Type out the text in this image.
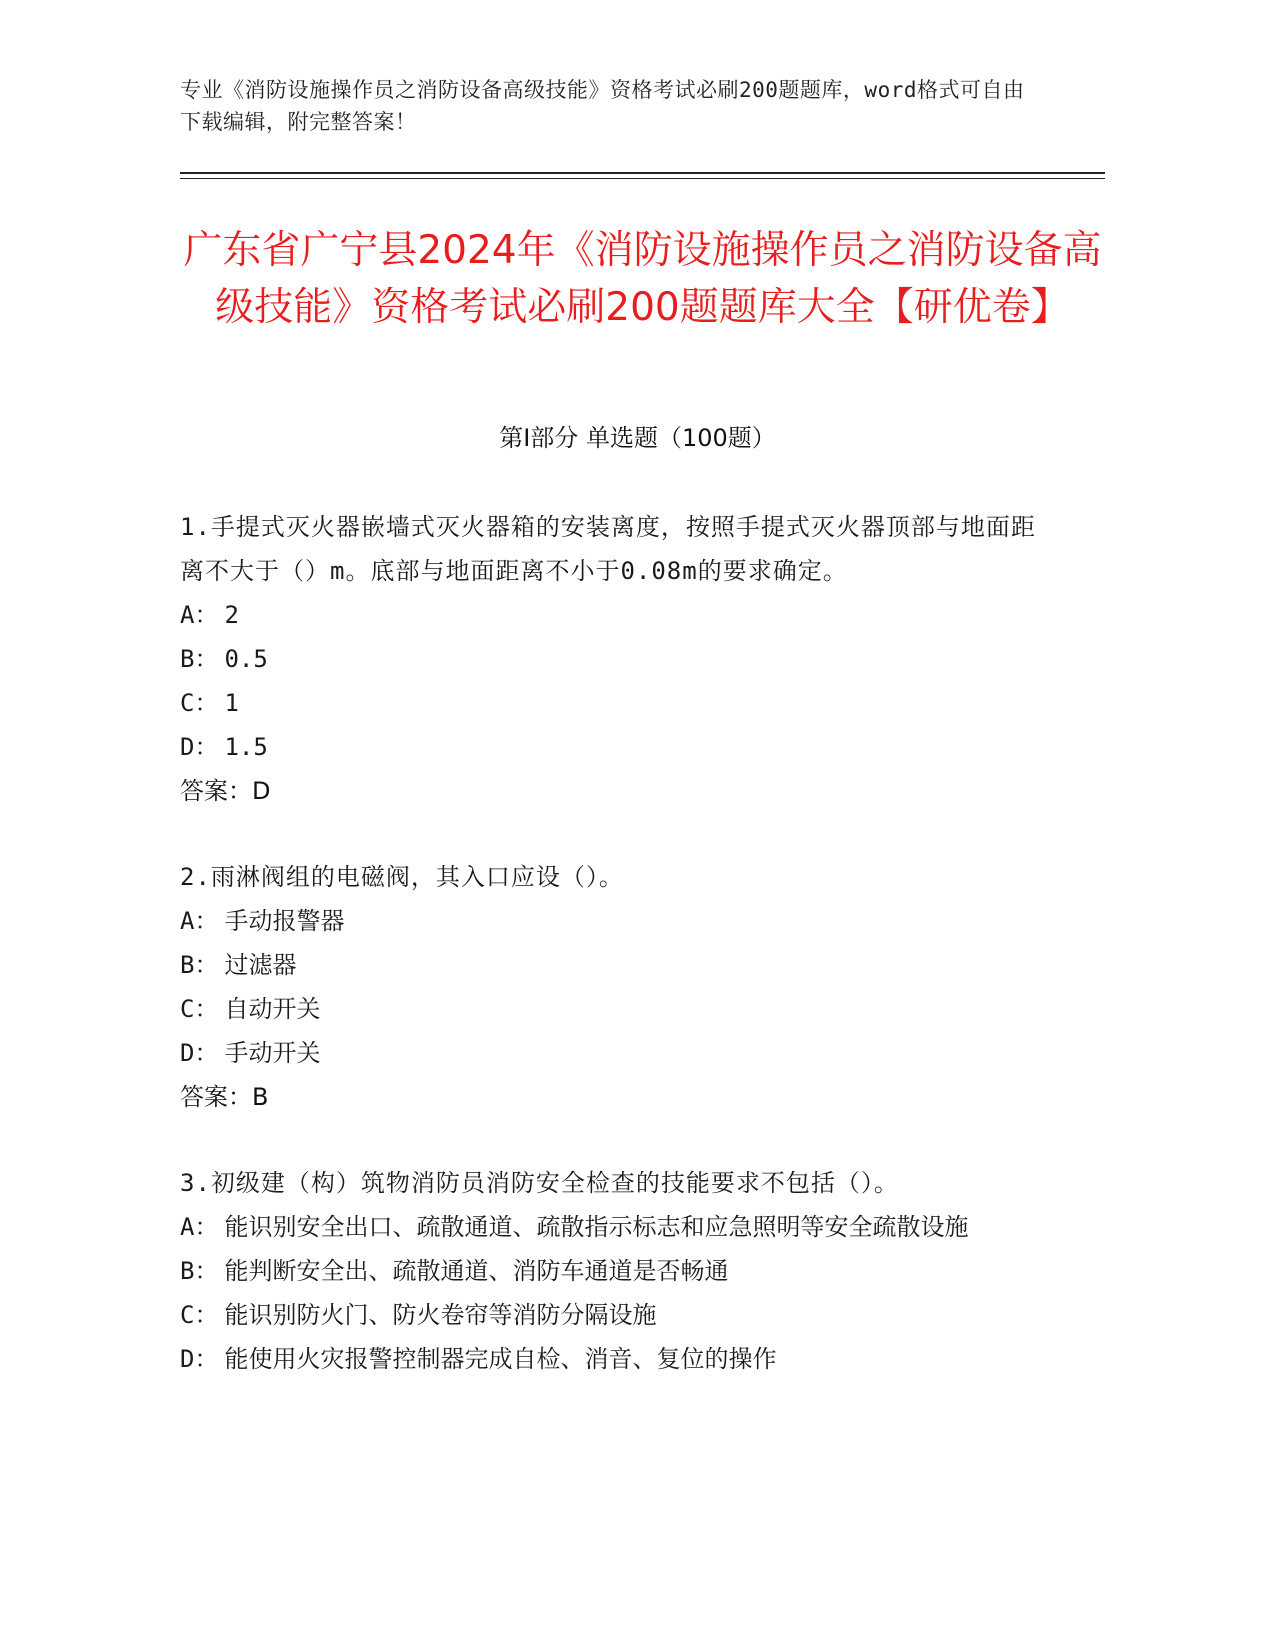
专业《消防设施操作员之消防设备高级技能》资格考试必刷200题题库，word格式可自由下载编辑，附完整答案！
广东省广宁县2024年《消防设施操作员之消防设备高级技能》资格考试必刷200题题库大全【研优卷】
第Ⅰ部分 单选题（100题）
1.手提式灭火器嵌墙式灭火器箱的安装离度，按照手提式灭火器顶部与地面距离不大于（）m。底部与地面距离不小于0.08m的要求确定。
A： 2
B： 0.5
C： 1
D： 1.5
答案：D
2.雨淋阀组的电磁阀，其入口应设（）。
A： 手动报警器
B： 过滤器
C： 自动开关
D： 手动开关
答案：B
3.初级建（构）筑物消防员消防安全检查的技能要求不包括（）。
A： 能识别安全出口、疏散通道、疏散指示标志和应急照明等安全疏散设施
B： 能判断安全出、疏散通道、消防车通道是否畅通
C： 能识别防火门、防火卷帘等消防分隔设施
D： 能使用火灾报警控制器完成自检、消音、复位的操作
